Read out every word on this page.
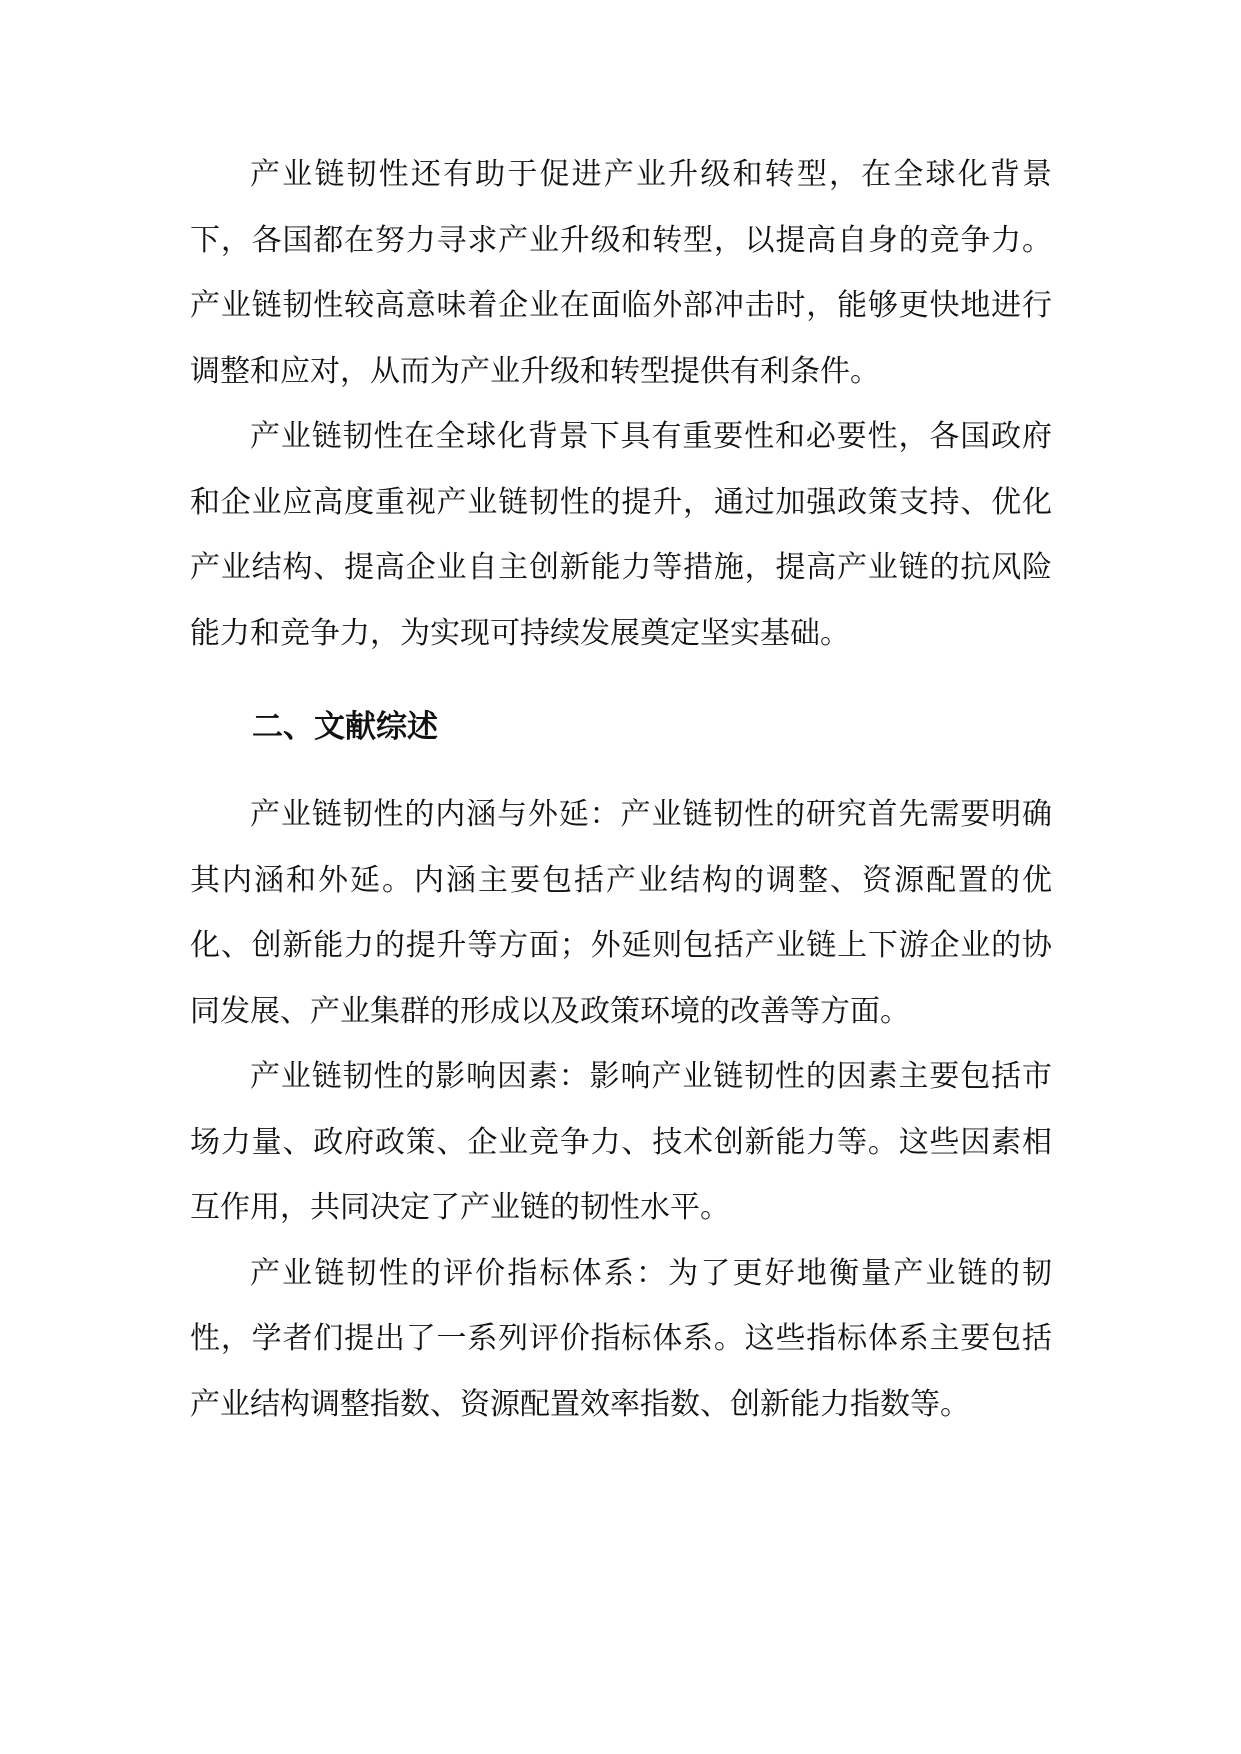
产业链韧性还有助于促进产业升级和转型，在全球化背景下，各国都在努力寻求产业升级和转型，以提高自身的竞争力。产业链韧性较高意味着企业在面临外部冲击时，能够更快地进行调整和应对，从而为产业升级和转型提供有利条件。

产业链韧性在全球化背景下具有重要性和必要性，各国政府和企业应高度重视产业链韧性的提升，通过加强政策支持、优化产业结构、提高企业自主创新能力等措施，提高产业链的抗风险能力和竞争力，为实现可持续发展奠定坚实基础。

二、文献综述

产业链韧性的内涵与外延：产业链韧性的研究首先需要明确其内涵和外延。内涵主要包括产业结构的调整、资源配置的优化、创新能力的提升等方面；外延则包括产业链上下游企业的协同发展、产业集群的形成以及政策环境的改善等方面。

产业链韧性的影响因素：影响产业链韧性的因素主要包括市场力量、政府政策、企业竞争力、技术创新能力等。这些因素相互作用，共同决定了产业链的韧性水平。

产业链韧性的评价指标体系：为了更好地衡量产业链的韧性，学者们提出了一系列评价指标体系。这些指标体系主要包括产业结构调整指数、资源配置效率指数、创新能力指数等。
